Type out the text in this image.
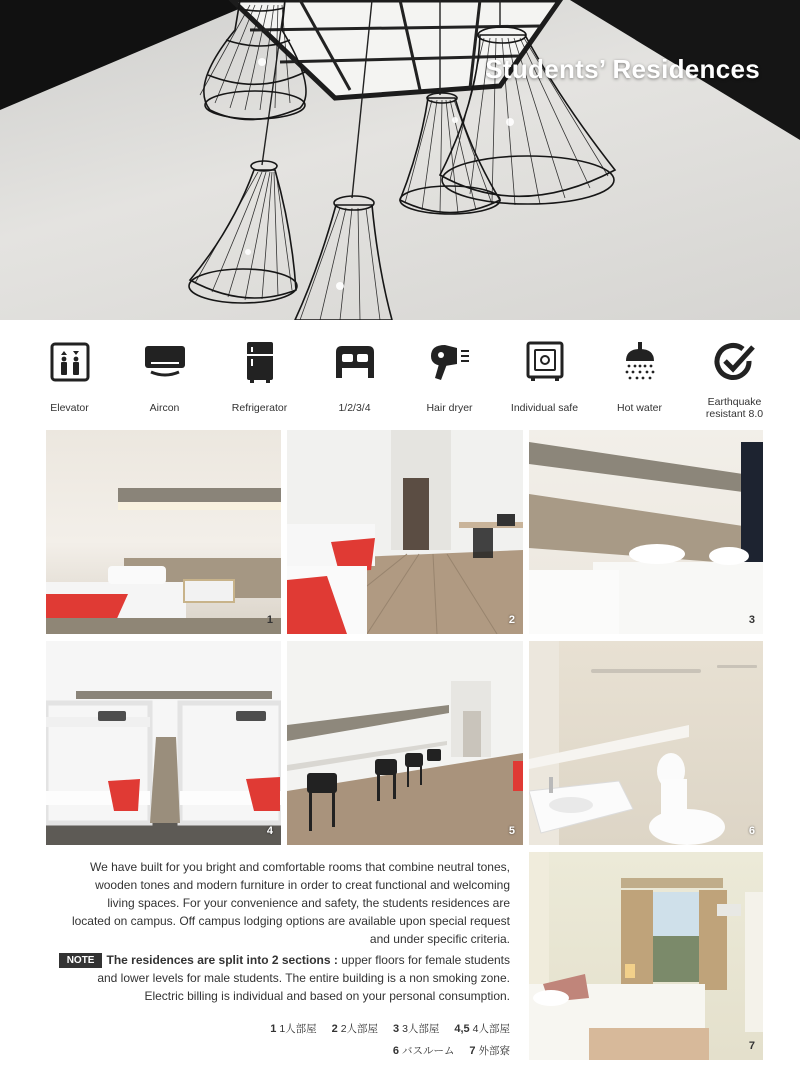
Students’ Residences
Elevator	Aircon	Refrigerator	1/2/3/4	Hair dryer	Individual safe	Hot water	Earthquake resistant 8.0
1	2	3
4	5	6
7
We have built for you bright and comfortable rooms that combine neutral tones,
wooden tones and modern furniture in order to creat functional and welcoming
living spaces. For your convenience and safety, the students residences are
located on campus. Off campus lodging options are available upon special request
and under specific criteria.
NOTE The residences are split into 2 sections : upper floors for female students
and lower levels for male students. The entire building is a non smoking zone.
Electric billing is individual and based on your personal consumption.
1 1人部屋 2 2人部屋 3 3人部屋 4,5 4人部屋
6 バスルーム 7 外部寮
